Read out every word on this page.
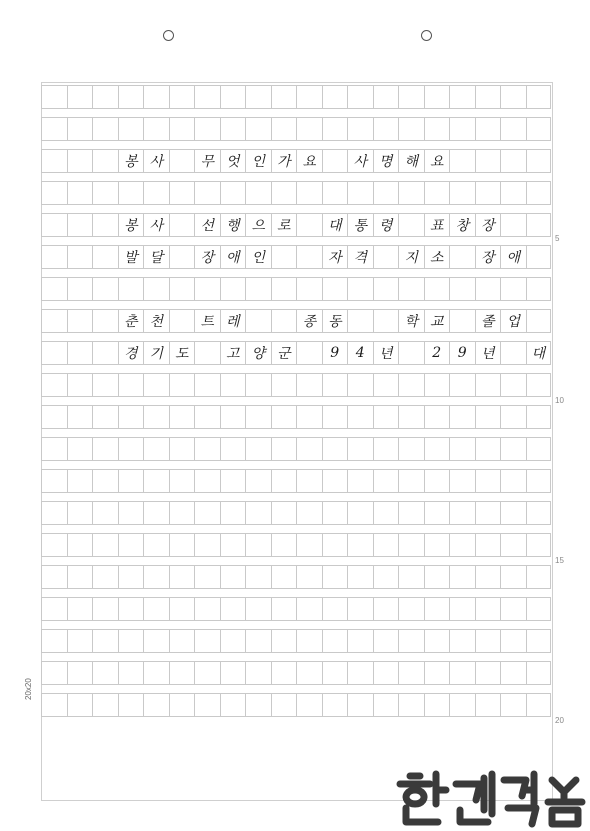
봉 사	무 엇 인 가 요	사 명 해 요
봉 사	선 행 으 로	대 통 령	표 창 장
발 달	장 애 인	자 격	지 소	장 애
춘 천	트 레	종 동	학 교	졸 업
경 기 도	고 양 군	9	4	년	2	9	년	대
5
10
15
20
20x20
